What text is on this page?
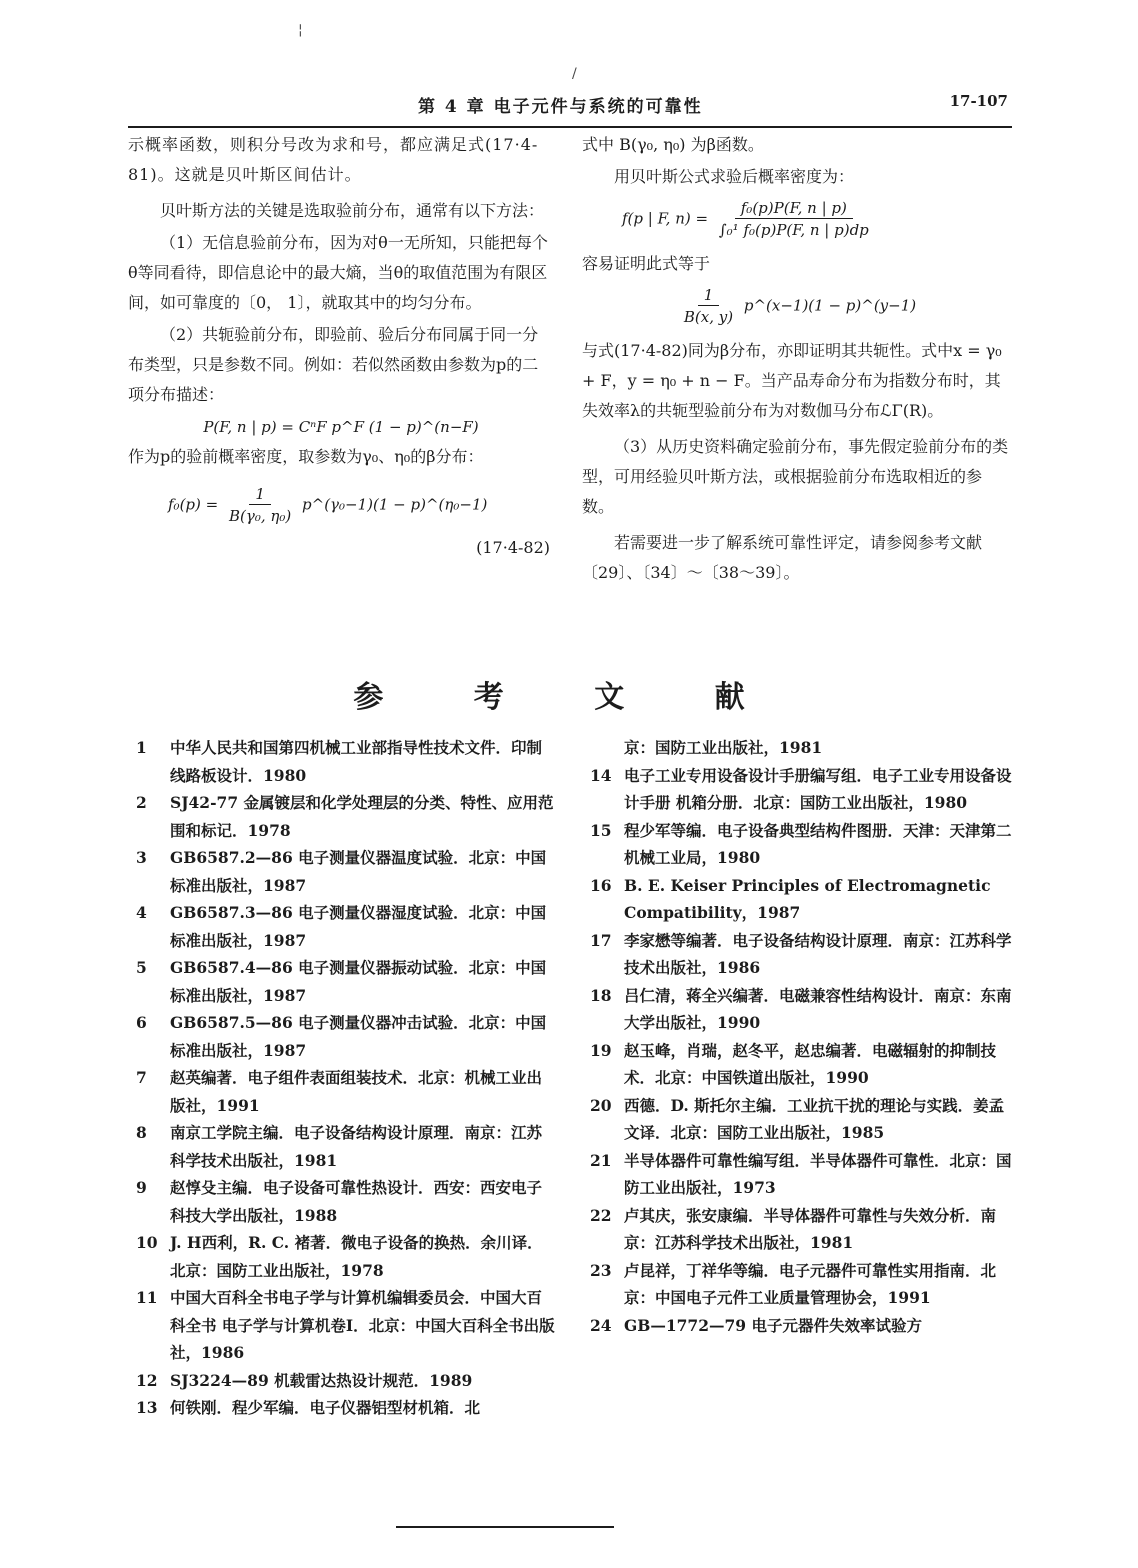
第 4 章 电子元件与系统的可靠性	17-107

示概率函数，则积分号改为求和号，都应满足式(17·4-81)。这就是贝叶斯区间估计。

贝叶斯方法的关键是选取验前分布，通常有以下方法：

（1）无信息验前分布，因为对θ一无所知，只能把每个θ等同看待，即信息论中的最大熵，当θ的取值范围为有限区间，如可靠度的〔0， 1〕，就取其中的均匀分布。

（2）共轭验前分布，即验前、验后分布同属于同一分布类型，只是参数不同。例如：若似然函数由参数为p的二项分布描述：

P(F, n | p) = CⁿF p^F (1 − p)^(n−F)

作为p的验前概率密度，取参数为γ₀、η₀的β分布：

$f_0(p) = \frac{1}{\text{B(γ₀, η₀)}}$ p^(γ₀−1)(1 − p)^(η₀−1)
(17·4-82)

式中 B(γ₀, η₀) 为β函数。

用贝叶斯公式求验后概率密度为：

f(p | F, $n) = \frac{\text{f₀(p)P(F, n | p)}}{\text{∫₀¹ f₀(p)P(F, n | p)dp}}$

容易证明此式等于

$\frac{1}{B(x, y)}$ p^(x−1)(1 − p)^(y−1)

与式(17·4-82)同为β分布，亦即证明其共轭性。式中x = γ₀ + F，y = η₀ + n − F。当产品寿命分布为指数分布时，其失效率λ的共轭型验前分布为对数伽马分布ℒΓ(R)。

（3）从历史资料确定验前分布，事先假定验前分布的类型，可用经验贝叶斯方法，或根据验前分布选取相近的参数。

若需要进一步了解系统可靠性评定，请参阅参考文献〔29〕、〔34〕～〔38～39〕。

参 考 文 献

1	中华人民共和国第四机械工业部指导性技术文件．印制线路板设计．1980

2	SJ42-77 金属镀层和化学处理层的分类、特性、应用范围和标记．1978

3	GB6587.2—86 电子测量仪器温度试验．北京：中国标准出版社，1987

4	GB6587.3—86 电子测量仪器湿度试验．北京：中国标准出版社，1987

5	GB6587.4—86 电子测量仪器振动试验．北京：中国标准出版社，1987

6	GB6587.5—86 电子测量仪器冲击试验．北京：中国标准出版社，1987

7	赵英编著．电子组件表面组装技术．北京：机械工业出版社，1991

8	南京工学院主编．电子设备结构设计原理．南京：江苏科学技术出版社，1981

9	赵惇殳主编．电子设备可靠性热设计．西安：西安电子科技大学出版社，1988

10 J. H西利，R. C. 褚著．微电子设备的换热．余川译．北京：国防工业出版社，1978

11 中国大百科全书电子学与计算机编辑委员会．中国大百科全书 电子学与计算机卷I．北京：中国大百科全书出版社，1986

12 SJ3224—89 机载雷达热设计规范．1989

13 何铁刚．程少军编．电子仪器铝型材机箱．北

京：国防工业出版社，1981

14 电子工业专用设备设计手册编写组．电子工业专用设备设计手册 机箱分册．北京：国防工业出版社，1980

15 程少军等编．电子设备典型结构件图册．天津：天津第二机械工业局，1980

16 B. E. Keiser Principles of Electromagnetic Compatibility，1987

17 李家懋等编著．电子设备结构设计原理．南京：江苏科学技术出版社，1986

18 吕仁清，蒋全兴编著．电磁兼容性结构设计．南京：东南大学出版社，1990

19 赵玉峰，肖瑞，赵冬平，赵忠编著．电磁辐射的抑制技术．北京：中国铁道出版社，1990

20 西德．D. 斯托尔主编．工业抗干扰的理论与实践．姜孟文译．北京：国防工业出版社，1985

21 半导体器件可靠性编写组．半导体器件可靠性．北京：国防工业出版社，1973

22 卢其庆，张安康编．半导体器件可靠性与失效分析．南京：江苏科学技术出版社，1981

23 卢昆祥，丁祥华等编．电子元器件可靠性实用指南．北京：中国电子元件工业质量管理协会，1991

24 GB—1772—79 电子元器件失效率试验方

¦
/
